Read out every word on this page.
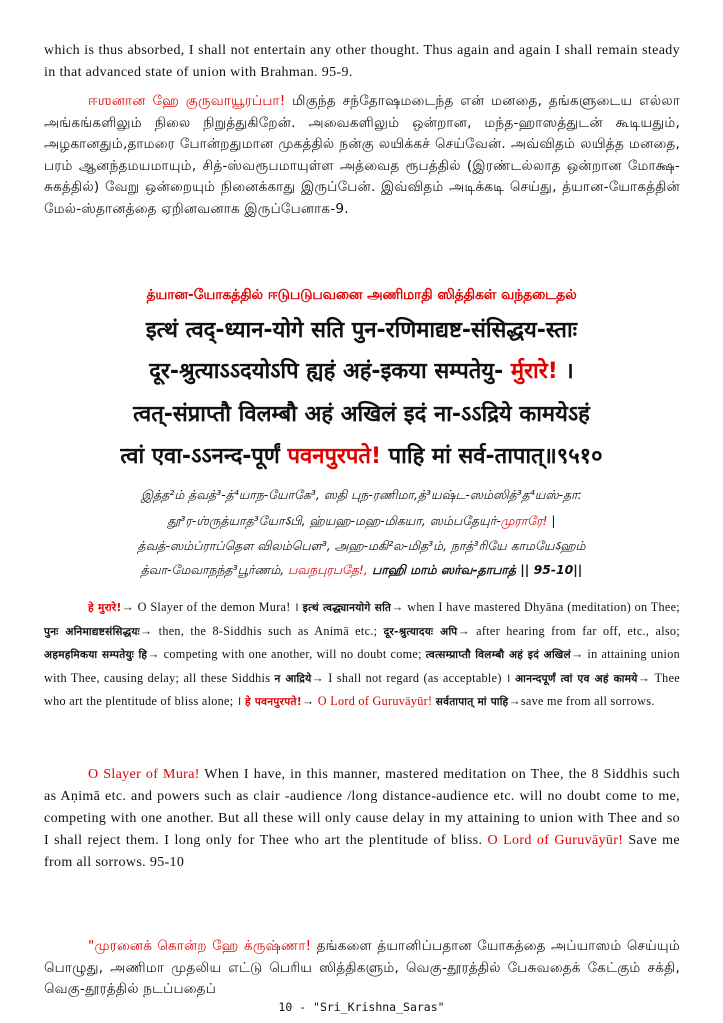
which is thus absorbed, I shall not entertain any other thought. Thus again and again I shall remain steady in that advanced state of union with Brahman. 95-9.
ஈஶனான ஹே குருவாயூரப்பா! மிகுந்த சந்தோஷமடைந்த என் மனதை, தங்களுடைய எல்லா அங்கங்களிலும் நிலை நிறுத்துகிறேன். அவைகளிலும் ஒன்றான, மந்த-ஹாஸத்துடன் கூடியதும், அழகானதும்,தாமரை போன்றதுமான முகத்தில் நன்கு லயிக்கச் செய்வேன். அவ்விதம் லயித்த மனதை, பரம் ஆனந்தமயமாயும், சித்-ஸ்வரூபமாயுள்ள அத்வைத ரூபத்தில் (இரண்டல்லாத ஒன்றான மோக்ஷ-சுகத்தில்) வேறு ஒன்றையும் நினைக்காது இருப்பேன். இவ்விதம் அடிக்கடி செய்து, த்யான-யோகத்தின் மேல்-ஸ்தானத்தை ஏறினவனாக இருப்பேனாக-9.
த்யான-யோகத்தில் ஈடுபடுபவனை அணிமாதி ஸித்திகள் வந்தடைதல்
इत्थं त्वद्-ध्यान-योगे सति पुन-रणिमाद्यष्ट-संसिद्धय-स्ताः
दूर-श्रुत्याऽऽदयोऽपि ह्यहं अहं-इकया सम्पतेयु- र्मुरारे! ।
त्वत्-संप्राप्तौ विलम्बौ अहं अखिलं इदं ना-ऽऽद्रिये कामयेऽहं
त्वां एवा-ऽऽनन्द-पूर्णं पवनपुरपते! पाहि मां सर्व-तापात्॥९५१०
இத்த²ம் த்வத்³-த்⁴யாந-யோகே³, ஸதி புந-ரணிமா,த்³யஷ்ட-ஸம்ஸித்³த⁴யஸ்-தா:
தூ³ர-ஶ்ருத்யாத³யோऽபி, ஹ்யஹ-மஹ-மிகயா, ஸம்பதேயுர்-முராரே! |
த்வத்-ஸம்ப்ராப்தௌ விலம்பௌ³, அஹ-மகி²ல-மித³ம், நாத்³ரியே காமயேऽஹம்
த்வா-மேவாநந்த³பூர்ணம், பவநபுரபதே!, பாஹி மாம் ஸர்வ-தாபாத் || 95-10||
हे मुरारे!→ O Slayer of the demon Mura! । इत्थं त्वद्ध्यानयोगे सति→ when I have mastered Dhyāna (meditation) on Thee; पुनः अनिमाद्यष्टसंसिद्धयः→ then, the 8-Siddhis such as Animā etc.; दूर-श्रुत्यादयः अपि→ after hearing from far off, etc., also; अहमहमिकया सम्पतेयुः हि→ competing with one another, will no doubt come; त्वत्सम्प्राप्तौ विलम्बौ अहं इदं अखिलं→ in attaining union with Thee, causing delay; all these Siddhis न आद्रिये→ I shall not regard (as acceptable) । आनन्दपूर्णं त्वां एव अहं कामये→ Thee who art the plentitude of bliss alone; । हे पवनपुरपते!→ O Lord of Guruvāyūr! सर्वतापात् मां पाहि→save me from all sorrows.
O Slayer of Mura! When I have, in this manner, mastered meditation on Thee, the 8 Siddhis such as Aṇimā etc. and powers such as clair -audience /long distance-audience etc. will no doubt come to me, competing with one another. But all these will only cause delay in my attaining to union with Thee and so I shall reject them. I long only for Thee who art the plentitude of bliss. O Lord of Guruvāyūr! Save me from all sorrows. 95-10
"முரனைக் கொன்ற ஹே க்ருஷ்ணா! தங்களை த்யானிப்பதான யோகத்தை அப்யாஸம் செய்யும் பொழுது, அணிமா முதலிய எட்டு பெரிய ஸித்திகளும், வெகு-தூரத்தில் பேசுவதைக் கேட்கும் சக்தி, வெகு-தூரத்தில் நடப்பதைப்
10 - "Sri_Krishna_Saras"
